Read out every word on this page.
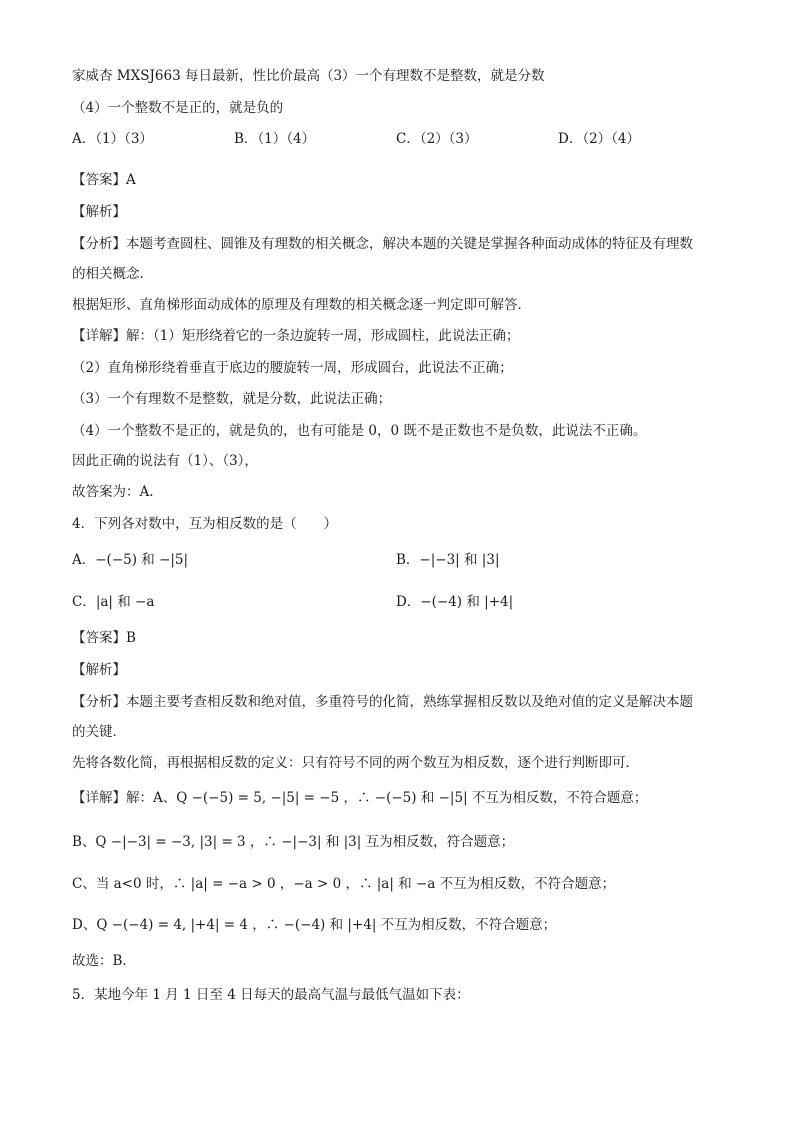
家威杏 MXSJ663 每日最新，性比价最高（3）一个有理数不是整数，就是分数
（4）一个整数不是正的，就是负的
A．（1）（3）	B．（1）（4）	C．（2）（3）	D．（2）（4）
【答案】A
【解析】
【分析】本题考查圆柱、圆锥及有理数的相关概念，解决本题的关键是掌握各种面动成体的特征及有理数
的相关概念．
根据矩形、直角梯形面动成体的原理及有理数的相关概念逐一判定即可解答．
【详解】解：（1）矩形绕着它的一条边旋转一周，形成圆柱，此说法正确；
（2）直角梯形绕着垂直于底边的腰旋转一周，形成圆台，此说法不正确；
（3）一个有理数不是整数，就是分数，此说法正确；
（4）一个整数不是正的，就是负的，也有可能是 0，0 既不是正数也不是负数，此说法不正确。
因此正确的说法有（1）、（3），
故答案为：A.
4．下列各对数中，互为相反数的是（　　）
A．−(−5) 和 −|5|	B．−|−3| 和 |3|
C．|a| 和 −a	D．−(−4) 和 |+4|
【答案】B
【解析】
【分析】本题主要考查相反数和绝对值，多重符号的化简，熟练掌握相反数以及绝对值的定义是解决本题
的关键．
先将各数化简，再根据相反数的定义：只有符号不同的两个数互为相反数，逐个进行判断即可．
【详解】解：A、Q −(−5) = 5, −|5| = −5 ，∴ −(−5) 和 −|5| 不互为相反数，不符合题意；
B、Q −|−3| = −3, |3| = 3 ，∴ −|−3| 和 |3| 互为相反数，符合题意；
C、当 a<0 时，∴ |a| = −a > 0 ，−a > 0 ，∴ |a| 和 −a 不互为相反数，不符合题意；
D、Q −(−4) = 4, |+4| = 4 ，∴ −(−4) 和 |+4| 不互为相反数，不符合题意；
故选：B．
5．某地今年 1 月 1 日至 4 日每天的最高气温与最低气温如下表：
